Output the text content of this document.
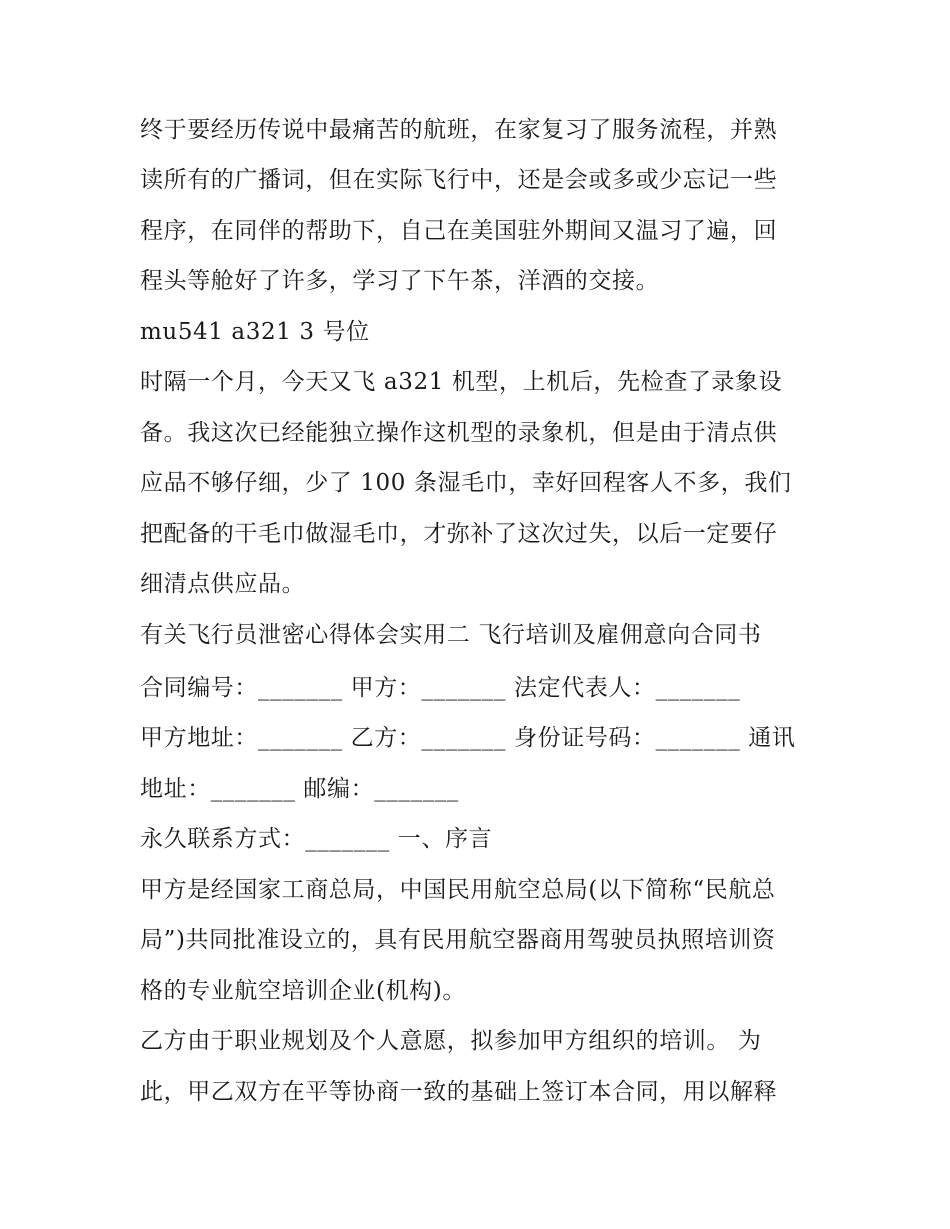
终于要经历传说中最痛苦的航班，在家复习了服务流程，并熟
读所有的广播词，但在实际飞行中，还是会或多或少忘记一些
程序，在同伴的帮助下，自己在美国驻外期间又温习了遍，回
程头等舱好了许多，学习了下午茶，洋酒的交接。
mu541 a321 3 号位
时隔一个月，今天又飞 a321 机型，上机后，先检查了录象设
备。我这次已经能独立操作这机型的录象机，但是由于清点供
应品不够仔细，少了 100 条湿毛巾，幸好回程客人不多，我们
把配备的干毛巾做湿毛巾，才弥补了这次过失，以后一定要仔
细清点供应品。
有关飞行员泄密心得体会实用二 飞行培训及雇佣意向合同书
合同编号：_______ 甲方：_______ 法定代表人：_______
甲方地址：_______ 乙方：_______ 身份证号码：_______ 通讯
地址：_______ 邮编：_______
永久联系方式：_______ 一、序言
甲方是经国家工商总局，中国民用航空总局(以下简称“民航总
局”)共同批准设立的，具有民用航空器商用驾驶员执照培训资
格的专业航空培训企业(机构)。
乙方由于职业规划及个人意愿，拟参加甲方组织的培训。 为
此，甲乙双方在平等协商一致的基础上签订本合同，用以解释
